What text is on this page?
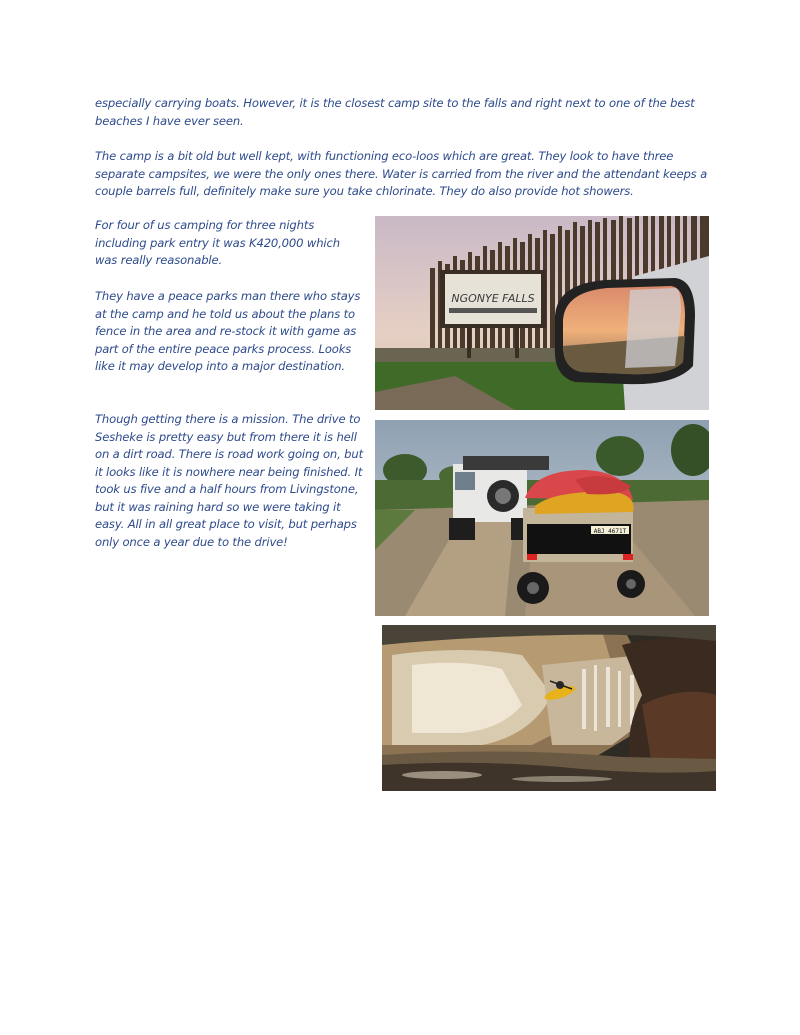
especially carrying boats. However, it is the closest camp site to the falls and right next to one of the best beaches I have ever seen.

The camp is a bit old but well kept, with functioning eco-loos which are great. They look to have three separate campsites, we were the only ones there. Water is carried from the river and the attendant keeps a couple barrels full, definitely make sure you take chlorinate. They do also provide hot showers.

For four of us camping for three nights including park entry it was K420,000 which was really reasonable.

They have a peace parks man there who stays at the camp and he told us about the plans to fence in the area and re-stock it with game as part of the entire peace parks process. Looks like it may develop into a major destination.

Though getting there is a mission. The drive to Sesheke is pretty easy but from there it is hell on a dirt road. There is road work going on, but it looks like it is nowhere near being finished. It took us five and a half hours from Livingstone, but it was raining hard so we were taking it easy. All in all great place to visit, but perhaps only once a year due to the drive!

NGONYE FALLS
ABJ 4671T
